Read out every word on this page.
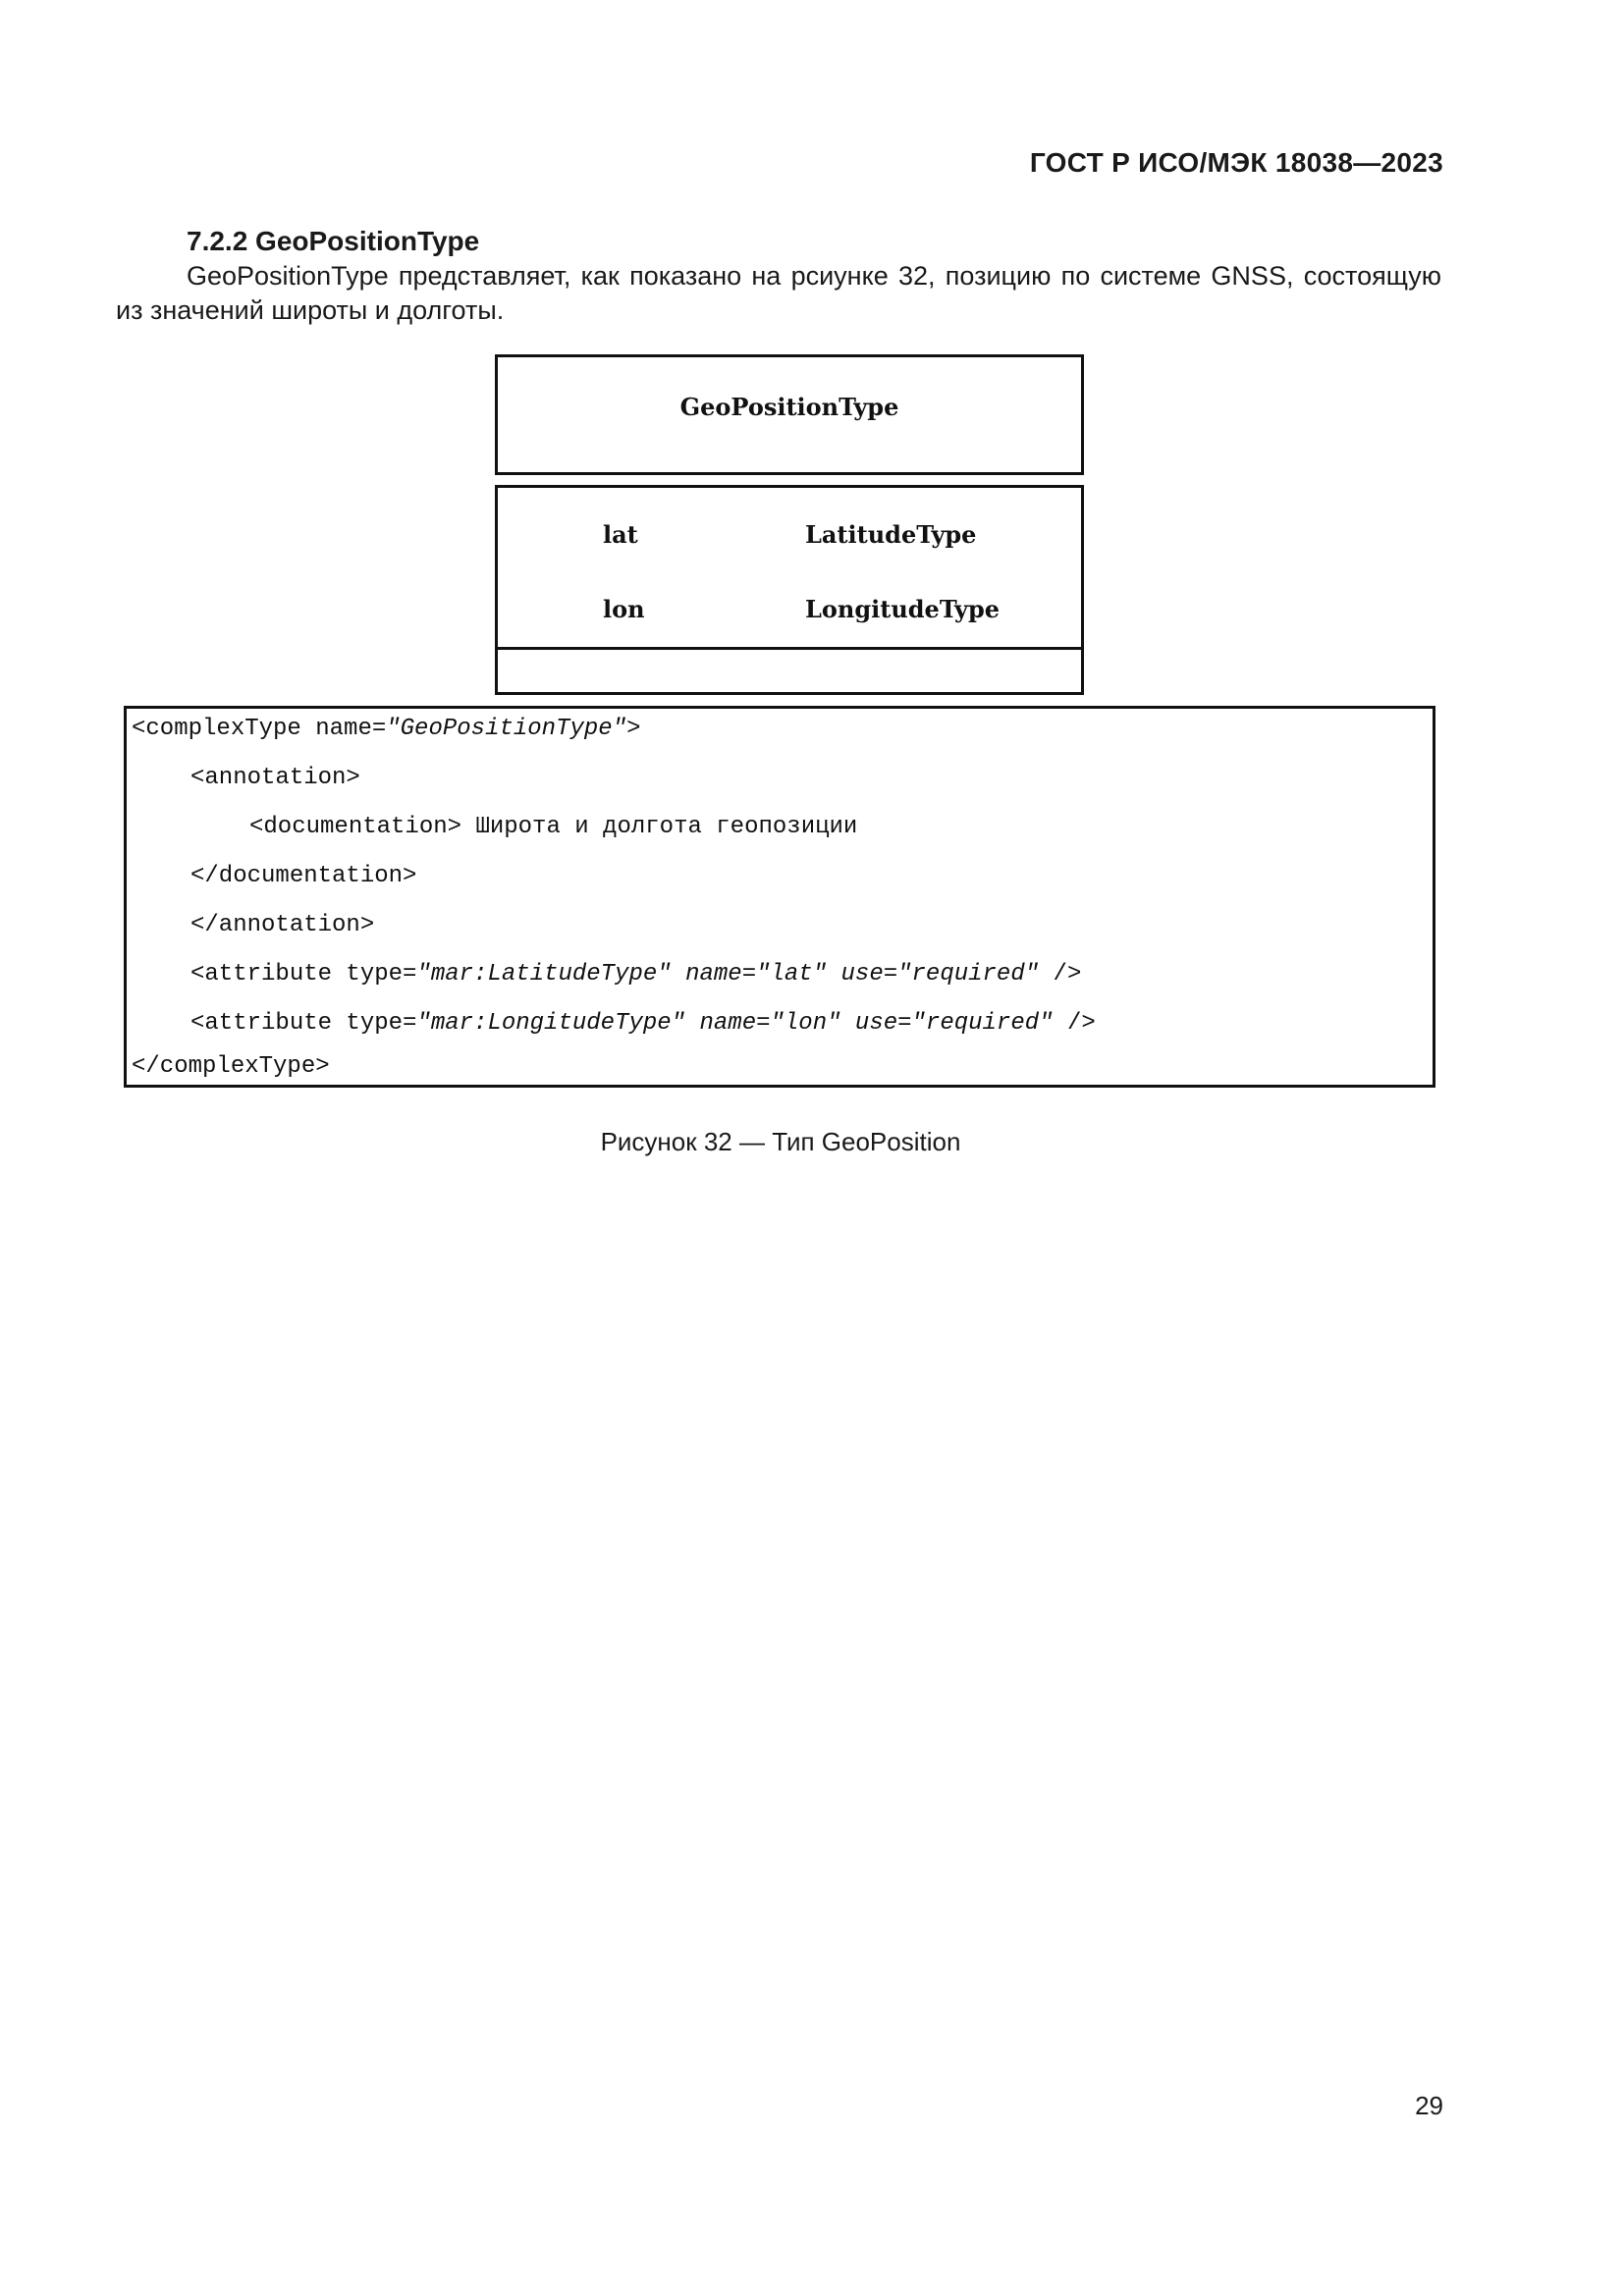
ГОСТ Р ИСО/МЭК 18038—2023
7.2.2 GeoPositionType
GeoPositionType представляет, как показано на рсиунке 32, позицию по системе GNSS, состоящую из значений широты и долготы.
GeoPositionType
lat	LatitudeType
lon	LongitudeType
<complexType name="GeoPositionType">
<annotation>
<documentation> Широта и долгота геопозиции
</documentation>
</annotation>
<attribute type="mar:LatitudeType" name="lat" use="required" />
<attribute type="mar:LongitudeType" name="lon" use="required" />
</complexType>
Рисунок 32 — Тип GeoPosition
29
